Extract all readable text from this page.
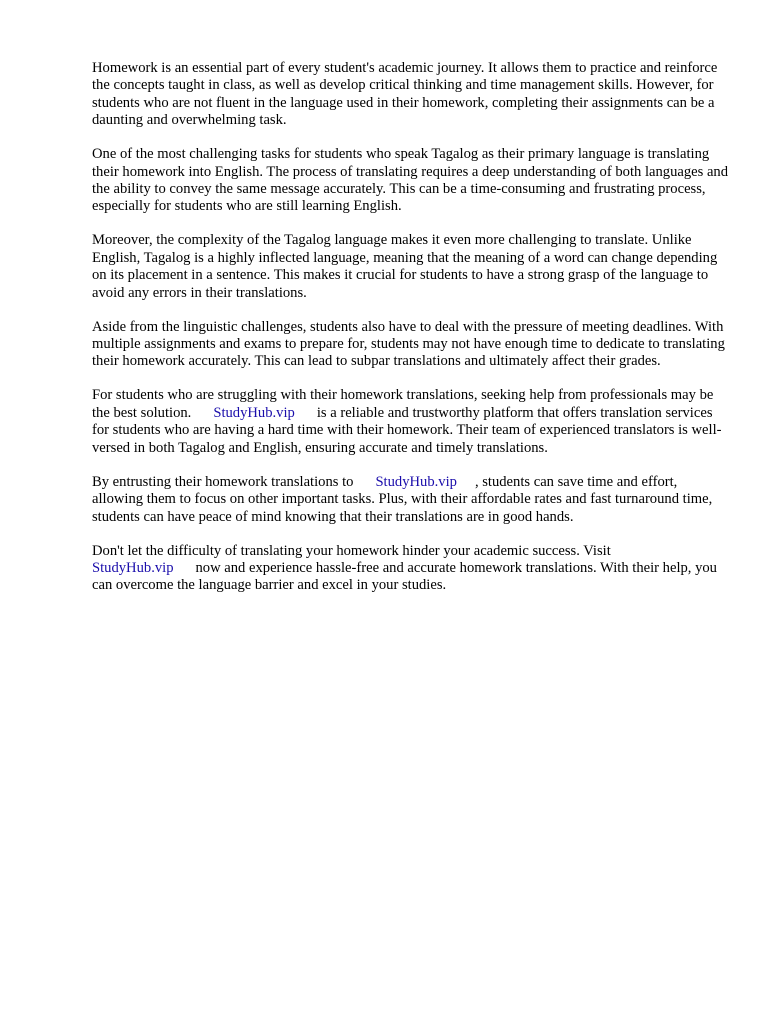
Homework is an essential part of every student's academic journey. It allows them to practice and reinforce the concepts taught in class, as well as develop critical thinking and time management skills. However, for students who are not fluent in the language used in their homework, completing their assignments can be a daunting and overwhelming task.

One of the most challenging tasks for students who speak Tagalog as their primary language is translating their homework into English. The process of translating requires a deep understanding of both languages and the ability to convey the same message accurately. This can be a time-consuming and frustrating process, especially for students who are still learning English.

Moreover, the complexity of the Tagalog language makes it even more challenging to translate. Unlike English, Tagalog is a highly inflected language, meaning that the meaning of a word can change depending on its placement in a sentence. This makes it crucial for students to have a strong grasp of the language to avoid any errors in their translations.

Aside from the linguistic challenges, students also have to deal with the pressure of meeting deadlines. With multiple assignments and exams to prepare for, students may not have enough time to dedicate to translating their homework accurately. This can lead to subpar translations and ultimately affect their grades.

For students who are struggling with their homework translations, seeking help from professionals may be the best solution. StudyHub.vip is a reliable and trustworthy platform that offers translation services for students who are having a hard time with their homework. Their team of experienced translators is well-versed in both Tagalog and English, ensuring accurate and timely translations.

By entrusting their homework translations to StudyHub.vip , students can save time and effort, allowing them to focus on other important tasks. Plus, with their affordable rates and fast turnaround time, students can have peace of mind knowing that their translations are in good hands.

Don't let the difficulty of translating your homework hinder your academic success. Visit StudyHub.vip now and experience hassle-free and accurate homework translations. With their help, you can overcome the language barrier and excel in your studies.
